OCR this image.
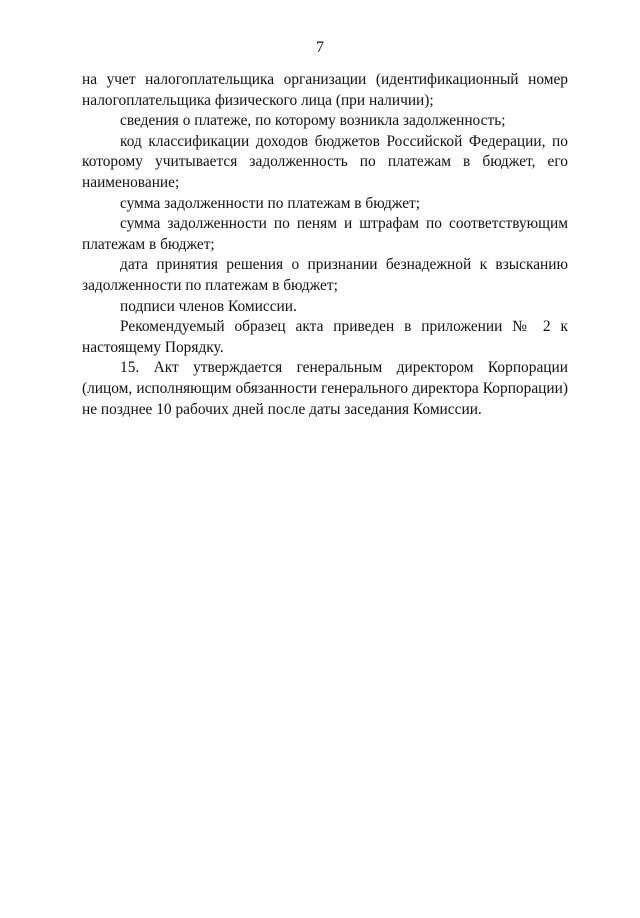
7

на учет налогоплательщика организации (идентификационный номер налогоплательщика физического лица (при наличии);

сведения о платеже, по которому возникла задолженность;

код классификации доходов бюджетов Российской Федерации, по которому учитывается задолженность по платежам в бюджет, его наименование;

сумма задолженности по платежам в бюджет;

сумма задолженности по пеням и штрафам по соответствующим платежам в бюджет;

дата принятия решения о признании безнадежной к взысканию задолженности по платежам в бюджет;

подписи членов Комиссии.

Рекомендуемый образец акта приведен в приложении № 2 к настоящему Порядку.

15. Акт утверждается генеральным директором Корпорации (лицом, исполняющим обязанности генерального директора Корпорации) не позднее 10 рабочих дней после даты заседания Комиссии.
